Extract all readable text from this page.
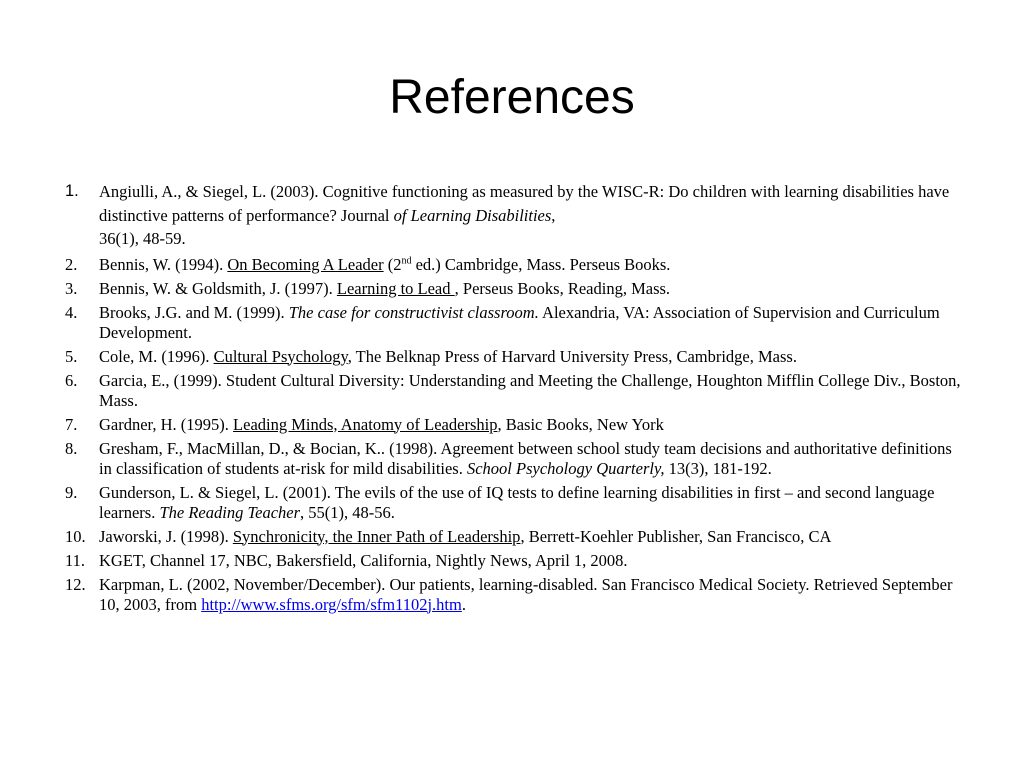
References
1. Angiulli, A., & Siegel, L. (2003). Cognitive functioning as measured by the WISC-R: Do children with learning disabilities have distinctive patterns of performance? Journal of Learning Disabilities,
36(1), 48-59.
2. Bennis, W. (1994). On Becoming A Leader (2nd ed.) Cambridge, Mass. Perseus Books.
3. Bennis, W. & Goldsmith, J. (1997). Learning to Lead , Perseus Books, Reading, Mass.
4. Brooks, J.G. and M. (1999). The case for constructivist classroom. Alexandria, VA: Association of Supervision and Curriculum Development.
5. Cole, M. (1996). Cultural Psychology, The Belknap Press of Harvard University Press, Cambridge, Mass.
6. Garcia, E., (1999). Student Cultural Diversity: Understanding and Meeting the Challenge, Houghton Mifflin College Div., Boston, Mass.
7. Gardner, H. (1995). Leading Minds, Anatomy of Leadership, Basic Books, New York
8. Gresham, F., MacMillan, D., & Bocian, K.. (1998). Agreement between school study team decisions and authoritative definitions in classification of students at-risk for mild disabilities. School Psychology Quarterly, 13(3), 181-192.
9. Gunderson, L. & Siegel, L. (2001). The evils of the use of IQ tests to define learning disabilities in first – and second language learners. The Reading Teacher, 55(1), 48-56.
10. Jaworski, J. (1998). Synchronicity, the Inner Path of Leadership, Berrett-Koehler Publisher, San Francisco, CA
11. KGET, Channel 17, NBC, Bakersfield, California, Nightly News, April 1, 2008.
12. Karpman, L. (2002, November/December). Our patients, learning-disabled. San Francisco Medical Society. Retrieved September 10, 2003, from http://www.sfms.org/sfm/sfm1102j.htm.
